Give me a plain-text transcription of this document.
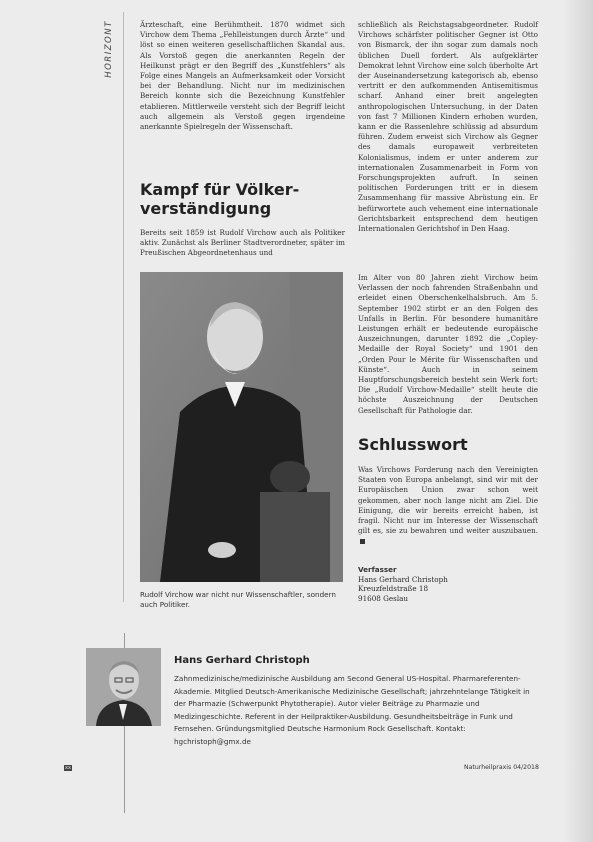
HORIZONT	Ärzteschaft, eine Berühmtheit. 1870 widmet sich Virchow dem Thema „Fehlleistungen durch Ärzte“ und löst so einen weiteren gesellschaftlichen Skandal aus. Als Vorstoß gegen die anerkannten Regeln der Heilkunst prägt er den Begriff des „Kunstfehlers“ als Folge eines Mangels an Aufmerksamkeit oder Vorsicht bei der Behandlung. Nicht nur im medizinischen Bereich konnte sich die Bezeichnung Kunstfehler etablieren. Mittlerweile versteht sich der Begriff leicht auch allgemein als Verstoß gegen irgendeine anerkannte Spielregeln der Wissenschaft.

Kampf für Völker-
verständigung

Bereits seit 1859 ist Rudolf Virchow auch als Politiker aktiv. Zunächst als Berliner Stadtverordneter, später im Preußischen Abgeordnetenhaus und

Rudolf Virchow war nicht nur Wissenschaftler, sondern auch Politiker.

schließlich als Reichstagsabgeordneter. Rudolf Virchows schärfster politischer Gegner ist Otto von Bismarck, der ihn sogar zum damals noch üblichen Duell fordert. Als aufgeklärter Demokrat lehnt Virchow eine solch überholte Art der Auseinandersetzung kategorisch ab, ebenso vertritt er den aufkommenden Antisemitismus scharf. Anhand einer breit angelegten anthropologischen Untersuchung, in der Daten von fast 7 Millionen Kindern erhoben wurden, kann er die Rassenlehre schlüssig ad absurdum führen. Zudem erweist sich Virchow als Gegner des damals europaweit verbreiteten Kolonialismus, indem er unter anderem zur internationalen Zusammenarbeit in Form von Forschungsprojekten aufruft. In seinen politischen Forderungen tritt er in diesem Zusammenhang für massive Abrüstung ein. Er befürwortete auch vehement eine internationale Gerichtsbarkeit entsprechend dem heutigen Internationalen Gerichtshof in Den Haag.

Im Alter von 80 Jahren zieht Virchow beim Verlassen der noch fahrenden Straßenbahn und erleidet einen Oberschenkelhalsbruch. Am 5. September 1902 stirbt er an den Folgen des Unfalls in Berlin. Für besondere humanitäre Leistungen erhält er bedeutende europäische Auszeichnungen, darunter 1892 die „Copley-Medaille der Royal Society“ und 1901 den „Orden Pour le Mérite für Wissenschaften und Künste“. Auch in seinem Hauptforschungsbereich besteht sein Werk fort: Die „Rudolf Virchow-Medaille“ stellt heute die höchste Auszeichnung der Deutschen Gesellschaft für Pathologie dar.

Schlusswort

Was Virchows Forderung nach den Vereinigten Staaten von Europa anbelangt, sind wir mit der Europäischen Union zwar schon weit gekommen, aber noch lange nicht am Ziel. Die Einigung, die wir bereits erreicht haben, ist fragil. Nicht nur im Interesse der Wissenschaft gilt es, sie zu bewahren und weiter auszubauen.

Verfasser
Hans Gerhard Christoph
Kreuzfeldstraße 18
91608 Geslau
Hans Gerhard Christoph
Zahnmedizinische/medizinische Ausbildung am Second General US-Hospital. Pharmareferenten-Akademie. Mitglied Deutsch-Amerikanische Medizinische Gesellschaft; jahrzehntelange Tätigkeit in der Pharmazie (Schwerpunkt Phytotherapie). Autor vieler Beiträge zu Pharmazie und Medizingeschichte. Referent in der Heilpraktiker-Ausbildung. Gesundheitsbeiträge in Funk und Fernsehen. Gründungsmitglied Deutsche Harmonium Rock Gesellschaft. Kontakt: hgchristoph@gmx.de
xx	Naturheilpraxis 04/2018
